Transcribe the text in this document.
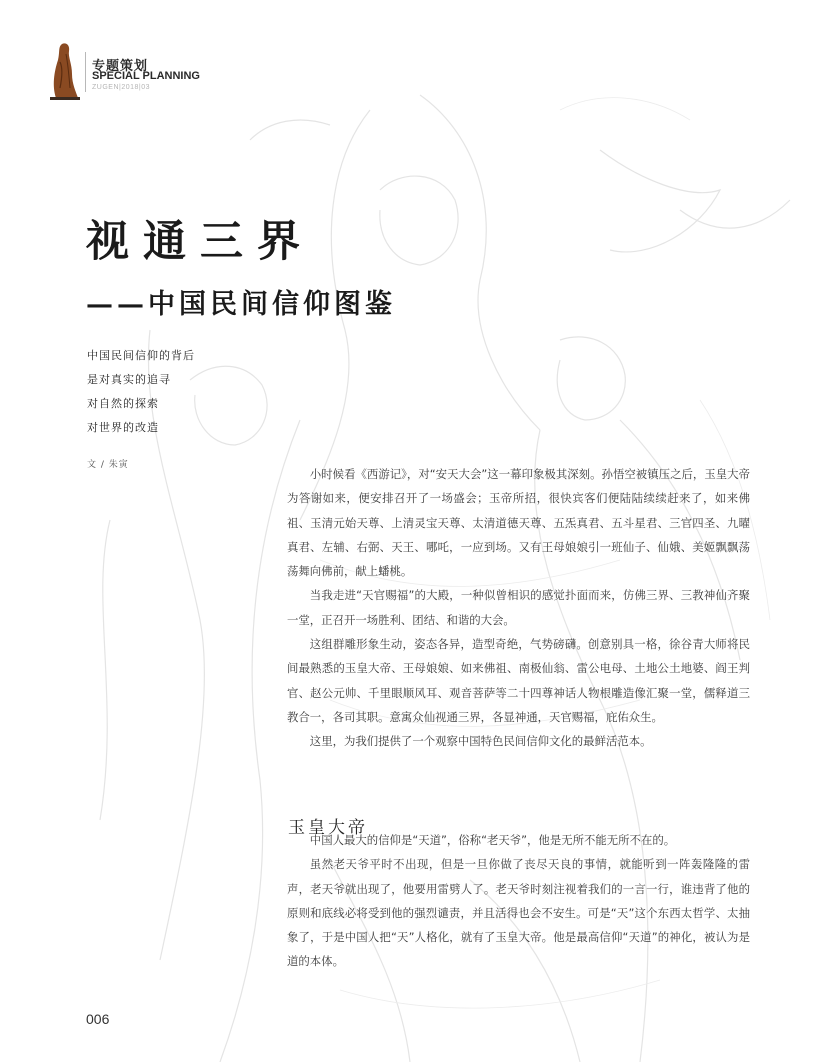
专题策划
SPECIAL PLANNING
ZUGEN|2018|03
视通三界
——中国民间信仰图鉴
中国民间信仰的背后
是对真实的追寻
对自然的探索
对世界的改造
文 / 朱寅

小时候看《西游记》，对“安天大会”这一幕印象极其深刻。孙悟空被镇压之后，玉皇大帝为答谢如来，便安排召开了一场盛会；玉帝所招，很快宾客们便陆陆续续赶来了，如来佛祖、玉清元始天尊、上清灵宝天尊、太清道德天尊、五炁真君、五斗星君、三官四圣、九曜真君、左辅、右弼、天王、哪吒，一应到场。又有王母娘娘引一班仙子、仙娥、美姬飘飘荡荡舞向佛前，献上蟠桃。

当我走进“天官赐福”的大殿，一种似曾相识的感觉扑面而来，仿佛三界、三教神仙齐聚一堂，正召开一场胜利、团结、和谐的大会。

这组群雕形象生动，姿态各异，造型奇绝，气势磅礴。创意别具一格，徐谷青大师将民间最熟悉的玉皇大帝、王母娘娘、如来佛祖、南极仙翁、雷公电母、土地公土地婆、阎王判官、赵公元帅、千里眼顺风耳、观音菩萨等二十四尊神话人物根雕造像汇聚一堂，儒释道三教合一，各司其职。意寓众仙视通三界，各显神通，天官赐福，庇佑众生。

这里，为我们提供了一个观察中国特色民间信仰文化的最鲜活范本。

玉皇大帝

中国人最大的信仰是“天道”，俗称“老天爷”，他是无所不能无所不在的。

虽然老天爷平时不出现，但是一旦你做了丧尽天良的事情，就能听到一阵轰隆隆的雷声，老天爷就出现了，他要用雷劈人了。老天爷时刻注视着我们的一言一行，谁违背了他的原则和底线必将受到他的强烈谴责，并且活得也会不安生。可是“天”这个东西太哲学、太抽象了，于是中国人把“天”人格化，就有了玉皇大帝。他是最高信仰“天道”的神化，被认为是道的本体。

006
